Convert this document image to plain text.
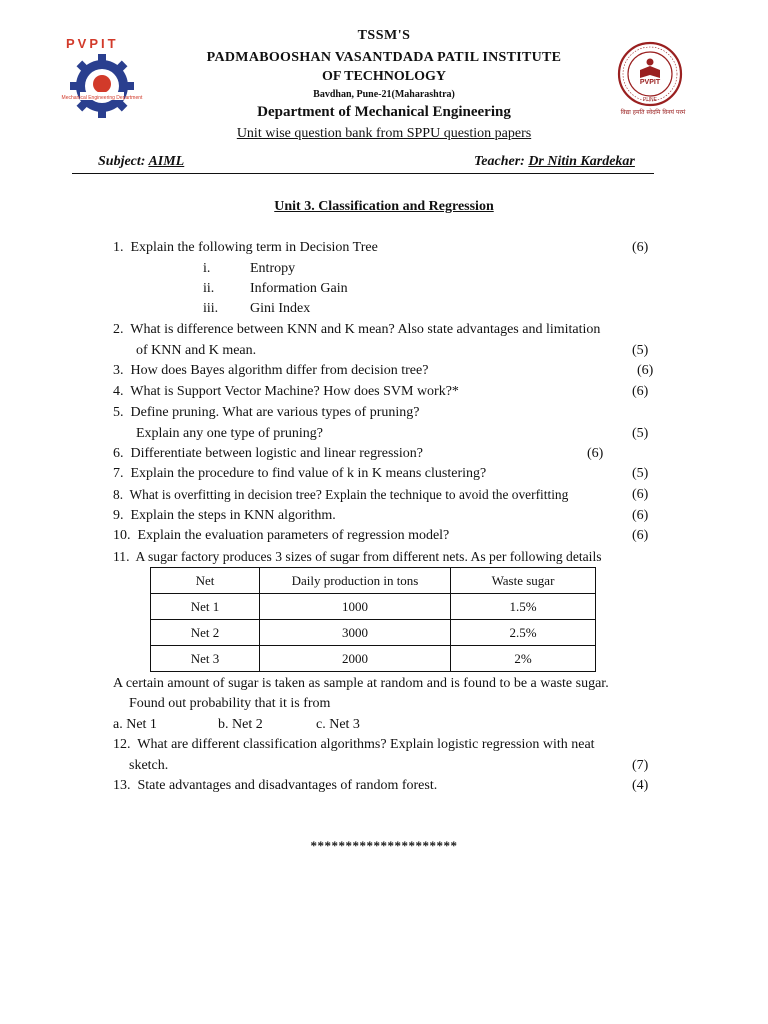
PVPIT
Mechanical Engineering Department
TSSM'S
PADMABOOSHAN VASANTDADA PATIL INSTITUTE
OF TECHNOLOGY
Bavdhan, Pune-21(Maharashtra)
Department of Mechanical Engineering
Unit wise question bank from SPPU question papers
PVPIT
PUNE
विद्या हमति स्वेदमि विनयं परमं
Subject: AIML	Teacher: Dr Nitin Kardekar
Unit 3. Classification and Regression
1. Explain the following term in Decision Tree	(6)
i.	Entropy
ii.	Information Gain
iii. Gini Index
2. What is difference between KNN and K mean? Also state advantages and limitation
of KNN and K mean.	(5)
3. How does Bayes algorithm differ from decision tree?	(6)
4. What is Support Vector Machine? How does SVM work?*	(6)
5. Define pruning. What are various types of pruning?
Explain any one type of pruning?	(5)
6. Differentiate between logistic and linear regression?	(6)
7. Explain the procedure to find value of k in K means clustering?	(5)
8. What is overfitting in decision tree? Explain the technique to avoid the overfitting	(6)
9. Explain the steps in KNN algorithm.	(6)
10. Explain the evaluation parameters of regression model?	(6)
11. A sugar factory produces 3 sizes of sugar from different nets. As per following details
Net	Daily production in tons	Waste sugar
Net 1	1000	1.5%
Net 2	3000	2.5%
Net 3	2000	2%
A certain amount of sugar is taken as sample at random and is found to be a waste sugar.
Found out probability that it is from
a. Net 1	b. Net 2	c. Net 3
12. What are different classification algorithms? Explain logistic regression with neat
sketch.	(7)
13. State advantages and disadvantages of random forest.	(4)
*********************
